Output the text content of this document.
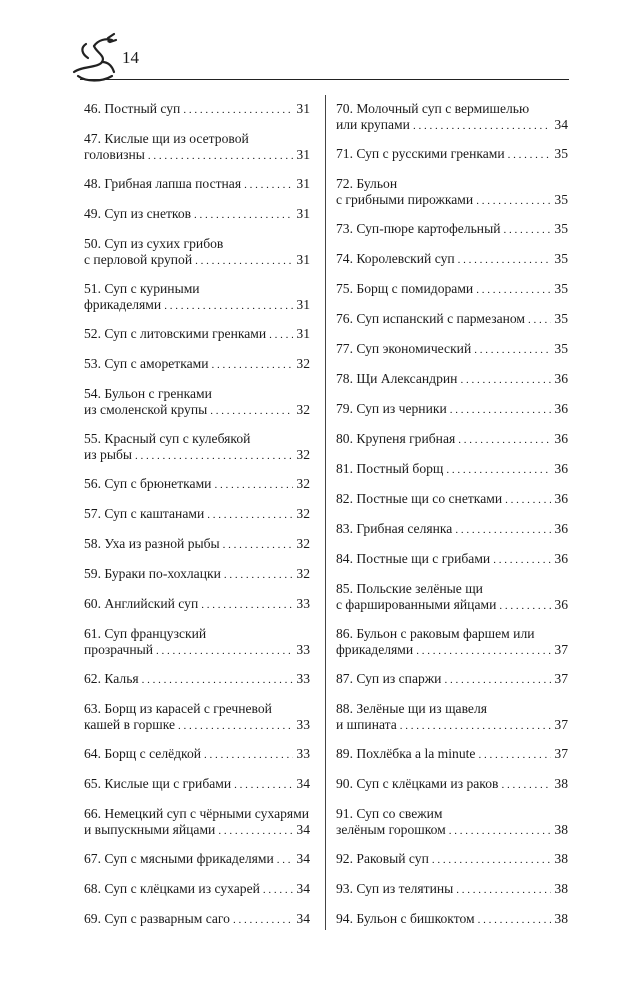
14
46. Постный суп . . .	31
47. Кислые щи из осетровой
головизны . . .	31
48. Грибная лапша постная . . .	31
49. Суп из снетков . . .	31
50. Суп из сухих грибов
с перловой крупой . . .	31
51. Суп с куриными
фрикаделями . . .	31
52. Суп с литовскими гренками . . . 31
53. Суп с аморетками . . .	32
54. Бульон с гренками
из смоленской крупы . . .	32
55. Красный суп с кулебякой
из рыбы . . .	32
56. Суп с брюнетками . . .	32
57. Суп с каштанами . . .	32
58. Уха из разной рыбы . . .	32
59. Бураки по-хохлацки . . .	32
60. Английский суп . . .	33
61. Суп французский
прозрачный . . .	33
62. Калья . . .	33
63. Борщ из карасей с гречневой
кашей в горшке . . .	33
64. Борщ с селёдкой . . .	33
65. Кислые щи с грибами . . .	34
66. Немецкий суп с чёрными сухарями
и выпускными яйцами . . .	34
67. Суп с мясными фрикаделями . . . 34
68. Суп с клёцками из сухарей . . .	34
69. Суп с разварным саго . . .	34
70. Молочный суп с вермишелью
или крупами . . .	34
71. Суп с русскими гренками . . .	35
72. Бульон
с грибными пирожками . . .	35
73. Суп-пюре картофельный . . .	35
74. Королевский суп . . .	35
75. Борщ с помидорами . . .	35
76. Суп испанский с пармезаном . . . 35
77. Суп экономический . . .	35
78. Щи Александрин . . .	36
79. Суп из черники . . .	36
80. Крупеня грибная . . .	36
81. Постный борщ . . .	36
82. Постные щи со снетками . . .	36
83. Грибная селянка . . .	36
84. Постные щи с грибами . . .	36
85. Польские зелёные щи
с фаршированными яйцами . . .	36
86. Бульон с раковым фаршем или
фрикаделями . . .	37
87. Суп из спаржи . . .	37
88. Зелёные щи из щавеля
и шпината . . .	37
89. Похлёбка a la minute . . .	37
90. Суп с клёцками из раков . . .	38
91. Суп со свежим
зелёным горошком . . .	38
92. Раковый суп . . .	38
93. Суп из телятины . . .	38
94. Бульон с бишкоктом . . .	38
